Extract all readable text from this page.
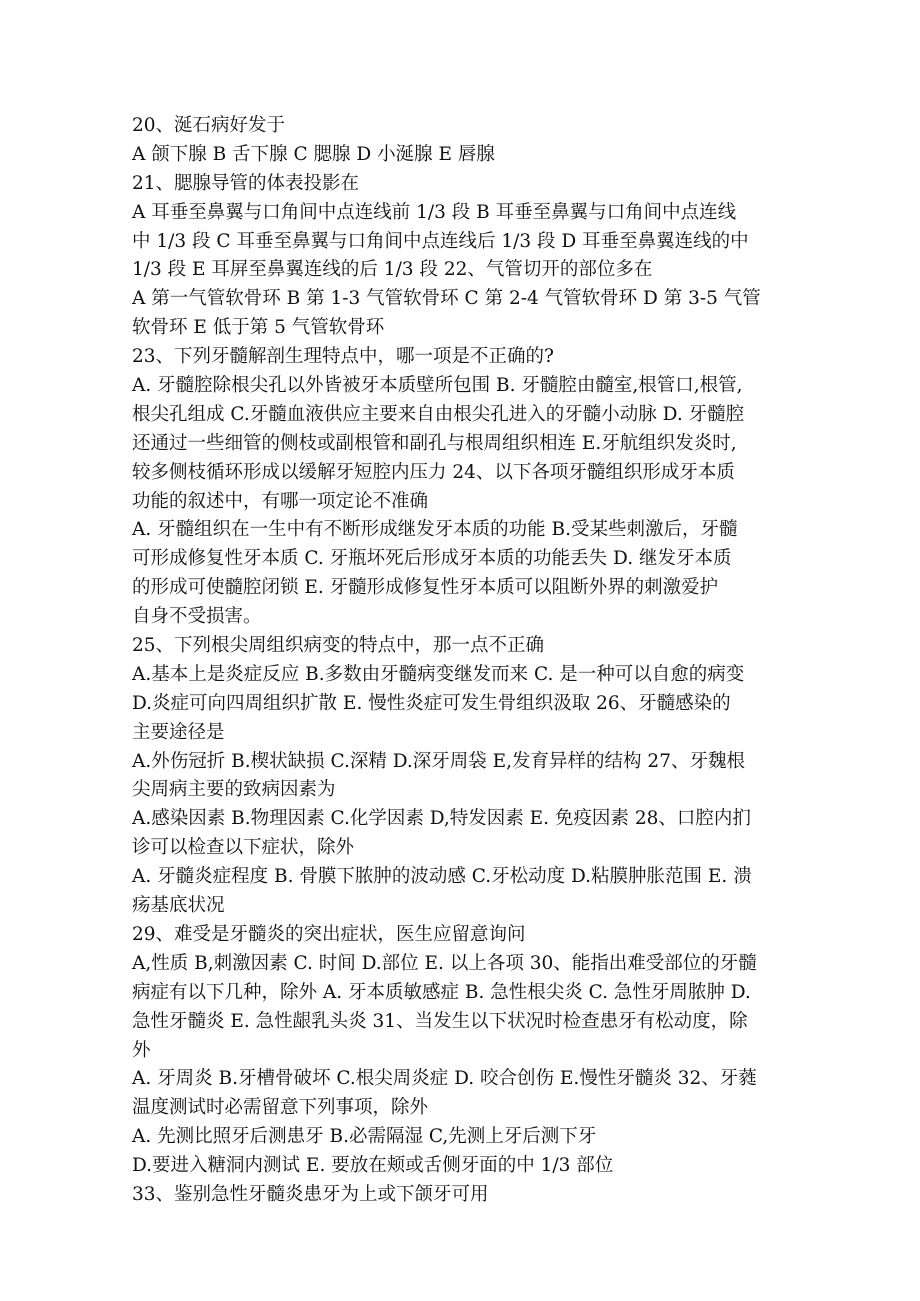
20、涎石病好发于
A 颌下腺 B 舌下腺 C 腮腺 D 小涎腺 E 唇腺
21、腮腺导管的体表投影在
A 耳垂至鼻翼与口角间中点连线前 1/3 段 B 耳垂至鼻翼与口角间中点连线
中 1/3 段 C 耳垂至鼻翼与口角间中点连线后 1/3 段 D 耳垂至鼻翼连线的中
1/3 段 E 耳屏至鼻翼连线的后 1/3 段 22、气管切开的部位多在
A 第一气管软骨环 B 第 1-3 气管软骨环 C 第 2-4 气管软骨环 D 第 3-5 气管
软骨环 E 低于第 5 气管软骨环
23、下列牙髓解剖生理特点中，哪一项是不正确的?
A. 牙髓腔除根尖孔以外皆被牙本质壁所包围 B. 牙髓腔由髓室,根管口,根管,
根尖孔组成 C.牙髓血液供应主要来自由根尖孔进入的牙髓小动脉 D. 牙髓腔
还通过一些细管的侧枝或副根管和副孔与根周组织相连 E.牙航组织发炎时,
较多侧枝循环形成以缓解牙短腔内压力 24、以下各项牙髓组织形成牙本质
功能的叙述中，有哪一项定论不准确
A. 牙髓组织在一生中有不断形成继发牙本质的功能 B.受某些刺激后，牙髓
可形成修复性牙本质 C. 牙瓶坏死后形成牙本质的功能丢失 D. 继发牙本质
的形成可使髓腔闭锁 E. 牙髓形成修复性牙本质可以阻断外界的刺激爱护
自身不受损害。
25、下列根尖周组织病变的特点中，那一点不正确
A.基本上是炎症反应 B.多数由牙髓病变继发而来 C. 是一种可以自愈的病变
D.炎症可向四周组织扩散 E. 慢性炎症可发生骨组织汲取 26、牙髓感染的
主要途径是
A.外伤冠折 B.楔状缺损 C.深精 D.深牙周袋 E,发育异样的结构 27、牙魏根
尖周病主要的致病因素为
A.感染因素 B.物理因素 C.化学因素 D,特发因素 E. 免疫因素 28、口腔内扪
诊可以检查以下症状，除外
A. 牙髓炎症程度 B. 骨膜下脓肿的波动感 C.牙松动度 D.粘膜肿胀范围 E. 溃
疡基底状况
29、难受是牙髓炎的突出症状，医生应留意询问
A,性质 B,刺激因素 C. 时间 D.部位 E. 以上各项 30、能指出难受部位的牙髓
病症有以下几种，除外 A. 牙本质敏感症 B. 急性根尖炎 C. 急性牙周脓肿 D.
急性牙髓炎 E. 急性龈乳头炎 31、当发生以下状况时检查患牙有松动度，除
外
A. 牙周炎 B.牙槽骨破坏 C.根尖周炎症 D. 咬合创伤 E.慢性牙髓炎 32、牙蕤
温度测试时必需留意下列事项，除外
A. 先测比照牙后测患牙 B.必需隔湿 C,先测上牙后测下牙
D.要进入糖洞内测试 E. 要放在颊或舌侧牙面的中 1/3 部位
33、鉴别急性牙髓炎患牙为上或下颌牙可用
